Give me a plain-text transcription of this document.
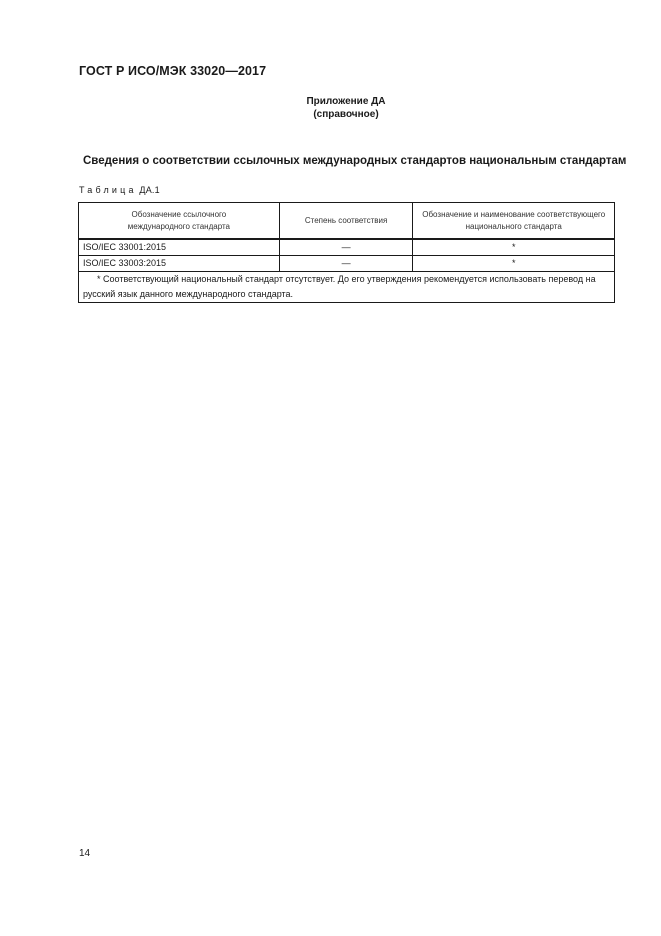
ГОСТ Р ИСО/МЭК 33020—2017
Приложение ДА
(справочное)
Сведения о соответствии ссылочных международных стандартов национальным стандартам
Таблица ДА.1
Обозначение ссылочного международного стандарта	Степень соответствия	Обозначение и наименование соответствующего национального стандарта
ISO/IEC 33001:2015	—	*
ISO/IEC 33003:2015	—	*
* Соответствующий национальный стандарт отсутствует. До его утверждения рекомендуется использовать перевод на русский язык данного международного стандарта.		
14
